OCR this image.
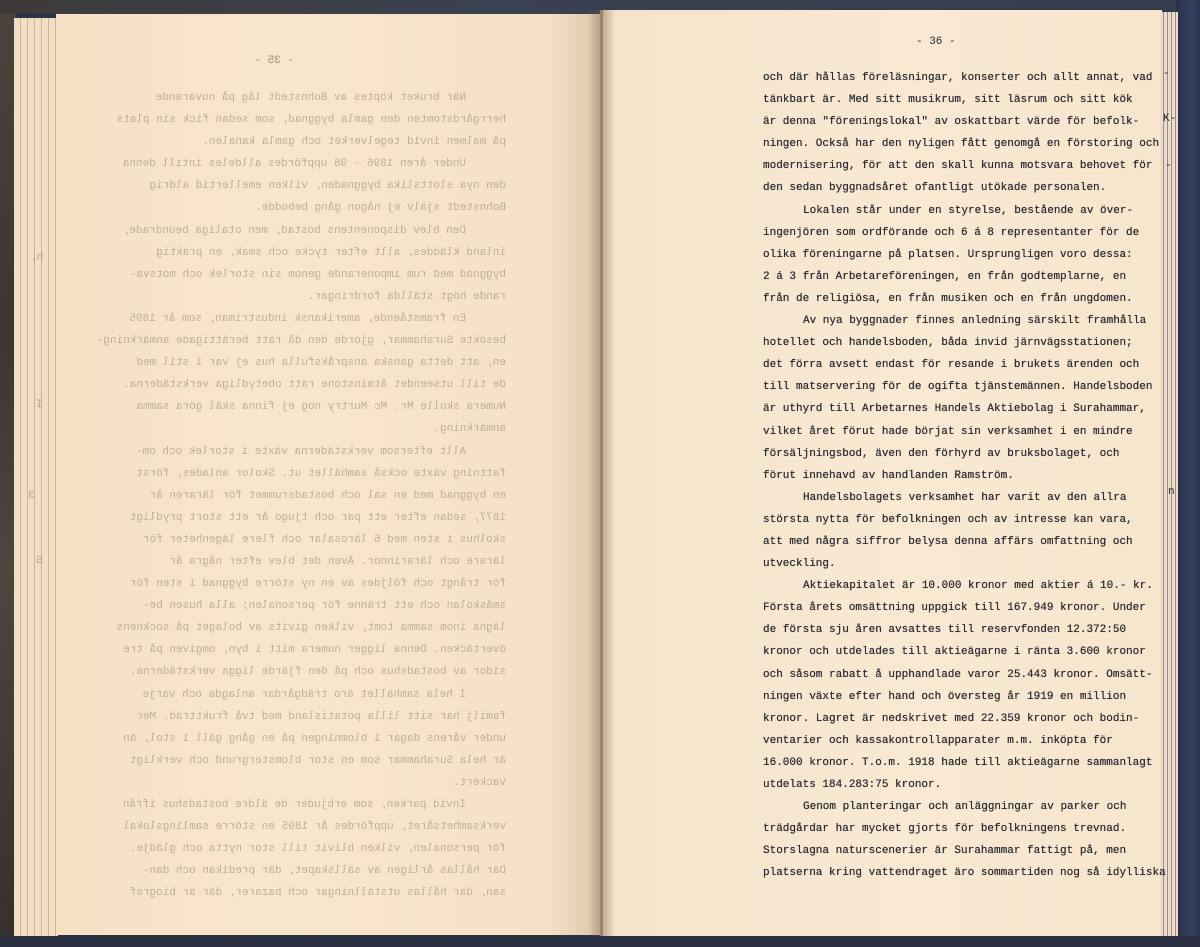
- 35 -
När bruket köptes av Bohnstedt låg på nuvarande
herrgårdstomten den gamla byggnad, som sedan fick sin plats
på malmen invid tegelverket och gamla kanalen.
Under åren 1896 - 98 uppfördes alldeles intill denna
den nya slottslika byggnaden, vilken emellertid aldrig
Bohnstedt själv ej någon gång bebodde.
Den blev disponentens bostad, men otaliga beundrade,
inland kläddes, allt efter tycke och smak, en präktig
byggnad med rum imponerande genom sin storlek och motsva-
rande högt ställda fordringar.
En framstående, amerikansk industriman, som år 1895
besökte Surahammar, gjorde den då rätt berättigade anmärkning-
en, att detta ganska anspråksfulla hus ej var i stil med
de till utseendet åtminstone rätt obetydliga verkstäderna.
Numera skulle Mr. Mc Murtry nog ej finna skäl göra samma
anmärkning.
Allt eftersom verkstäderna växte i storlek och om-
fattning växte också samhället ut. Skolor anlades, först
en byggnad med en sal och bostadsrummet för läraren år
1877, sedan efter ett par och tjugo år ett stort prydligt
skolhus i sten med 6 lärosalar och flere lägenheter för
lärare och lärarinnor. Även det blev efter några år
för trångt och följdes av en ny större byggnad i sten för
småskolan och ett tränne för personalen; alla husen be-
lägna inom samma tomt, vilken givits av bolaget på socknens
övertäcken. Denna ligger numera mitt i byn, omgiven på tre
sidor av bostadshus och på den fjärde ligga verkstäderna.
I hela samhället äro trädgårdar anlagda och varje
familj har sitt lilla potatisland med två fruktträd. Mer
under vårens dagar i blomningen på en gång gäll i stol, än
är hela Surahammar som en stor blomstergrund och verkligt
vackert.
Invid parken, som erbjuder de äldre bostadshus ifrån
verksamhetsåret, uppfördes år 1895 en större samlingslokal
för personalen, vilken blivit till stor nytta och glädje.
Där hållas årligen av sällskapet, där predikan och dan-
san, där hållas utställningar och bazarer, där är biograf
h,
I
3
S
- 36 -
och där hållas föreläsningar, konserter och allt annat, vad
tänkbart är. Med sitt musikrum, sitt läsrum och sitt kök
är denna "föreningslokal" av oskattbart värde för befolk-
ningen. Också har den nyligen fått genomgå en förstoring och
modernisering, för att den skall kunna motsvara behovet för
den sedan byggnadsåret ofantligt utökade personalen.
Lokalen står under en styrelse, bestående av över-
ingenjören som ordförande och 6 á 8 representanter för de
olika föreningarne på platsen. Ursprungligen voro dessa:
2 á 3 från Arbetareföreningen, en från godtemplarne, en
från de religiösa, en från musiken och en från ungdomen.
Av nya byggnader finnes anledning särskilt framhålla
hotellet och handelsboden, båda invid järnvägsstationen;
det förra avsett endast för resande i brukets ärenden och
till matservering för de ogifta tjänstemännen. Handelsboden
är uthyrd till Arbetarnes Handels Aktiebolag i Surahammar,
vilket året förut hade börjat sin verksamhet i en mindre
försäljningsbod, även den förhyrd av bruksbolaget, och
förut innehavd av handlanden Ramström.
Handelsbolagets verksamhet har varit av den allra
största nytta för befolkningen och av intresse kan vara,
att med några siffror belysa denna affärs omfattning och
utveckling.
Aktiekapitalet är 10.000 kronor med aktier á 10.- kr.
Första årets omsättning uppgick till 167.949 kronor. Under
de första sju åren avsattes till reservfonden 12.372:50
kronor och utdelades till aktieägarne i ränta 3.600 kronor
och såsom rabatt å upphandlade varor 25.443 kronor. Omsätt-
ningen växte efter hand och översteg år 1919 en million
kronor. Lagret är nedskrivet med 22.359 kronor och bodin-
ventarier och kassakontrollapparater m.m. inköpta för
16.000 kronor. T.o.m. 1918 hade till aktieägarne sammanlagt
utdelats 184.283:75 kronor.
Genom planteringar och anläggningar av parker och
trädgårdar har mycket gjorts för befolkningens trevnad.
Storslagna naturscenerier är Surahammar fattigt på, men
platserna kring vattendraget äro sommartiden nog så idylliska
-
K-
-
n
